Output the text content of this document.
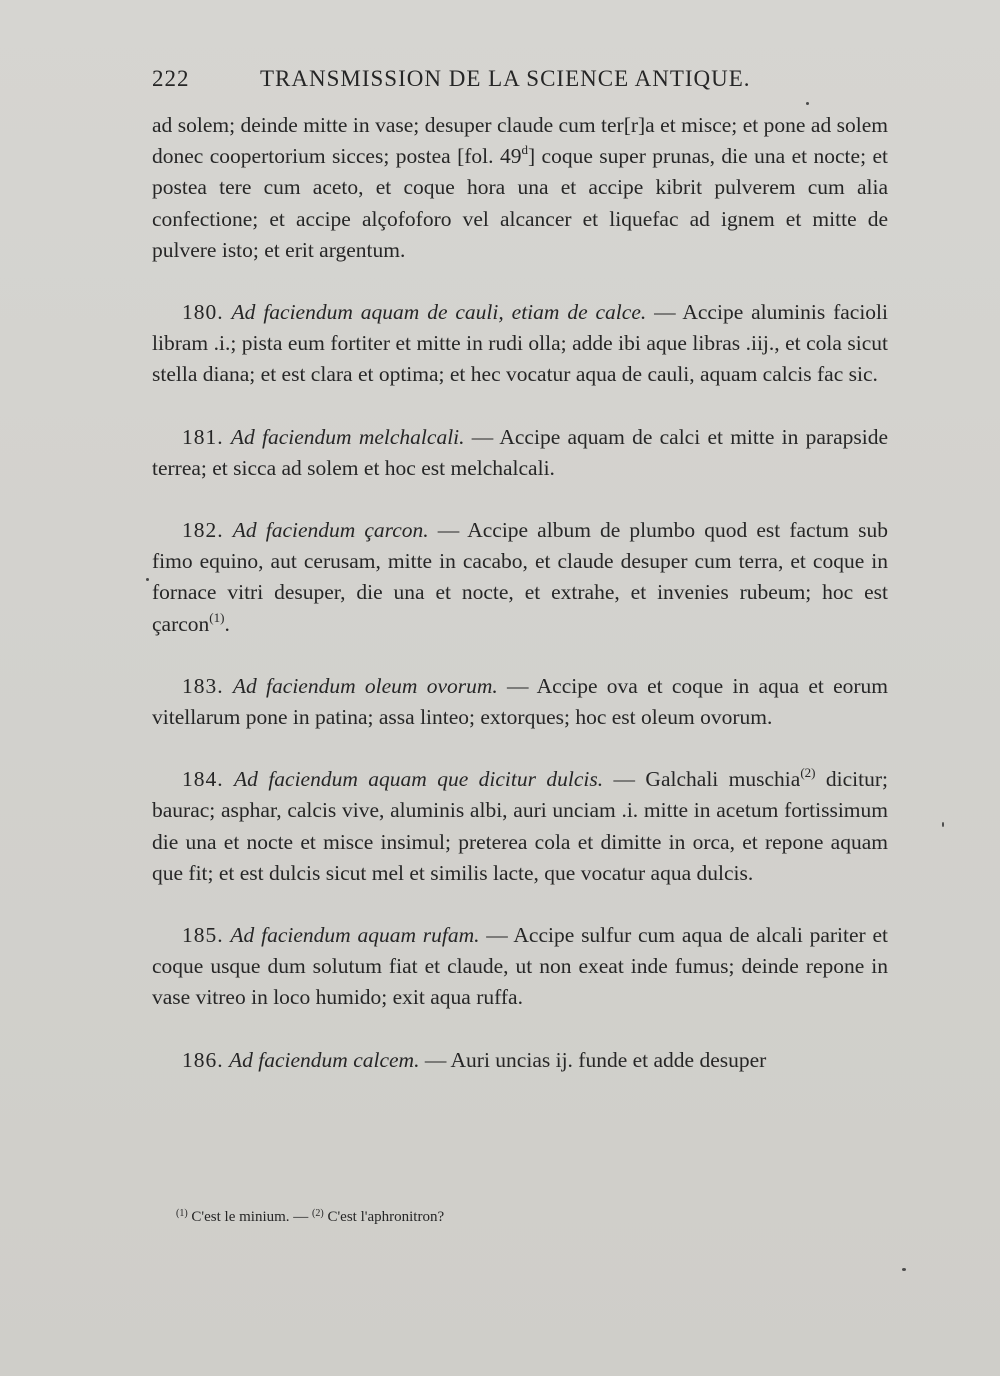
222	TRANSMISSION DE LA SCIENCE ANTIQUE.

ad solem; deinde mitte in vase; desuper claude cum ter[r]a et misce; et pone ad solem donec coopertorium sicces; postea [fol. 49$^d$] coque super prunas, die una et nocte; et postea tere cum aceto, et coque hora una et accipe kibrit pulverem cum alia confectione; et accipe alçofoforo vel alcancer et liquefac ad ignem et mitte de pulvere isto; et erit argentum.

180. Ad faciendum aquam de cauli, etiam de calce. — Accipe aluminis facioli libram .i.; pista eum fortiter et mitte in rudi olla; adde ibi aque libras .iij., et cola sicut stella diana; et est clara et optima; et hec vocatur aqua de cauli, aquam calcis fac sic.

181. Ad faciendum melchalcali. — Accipe aquam de calci et mitte in parapside terrea; et sicca ad solem et hoc est melchalcali.

182. Ad faciendum çarcon. — Accipe album de plumbo quod est factum sub fimo equino, aut cerusam, mitte in cacabo, et claude desuper cum terra, et coque in fornace vitri desuper, die una et nocte, et extrahe, et invenies rubeum; hoc est çarcon$^{(1)}$.

183. Ad faciendum oleum ovorum. — Accipe ova et coque in aqua et eorum vitellarum pone in patina; assa linteo; extorques; hoc est oleum ovorum.

184. Ad faciendum aquam que dicitur dulcis. — Galchali muschia$^{(2)}$ dicitur; baurac; asphar, calcis vive, aluminis albi, auri unciam .i. mitte in acetum fortissimum die una et nocte et misce insimul; preterea cola et dimitte in orca, et repone aquam que fit; et est dulcis sicut mel et similis lacte, que vocatur aqua dulcis.

185. Ad faciendum aquam rufam. — Accipe sulfur cum aqua de alcali pariter et coque usque dum solutum fiat et claude, ut non exeat inde fumus; deinde repone in vase vitreo in loco humido; exit aqua ruffa.

186. Ad faciendum calcem. — Auri uncias ij. funde et adde desuper

$^{(1)}$ C'est le minium. — $^{(2)}$ C'est l'aphronitron?
